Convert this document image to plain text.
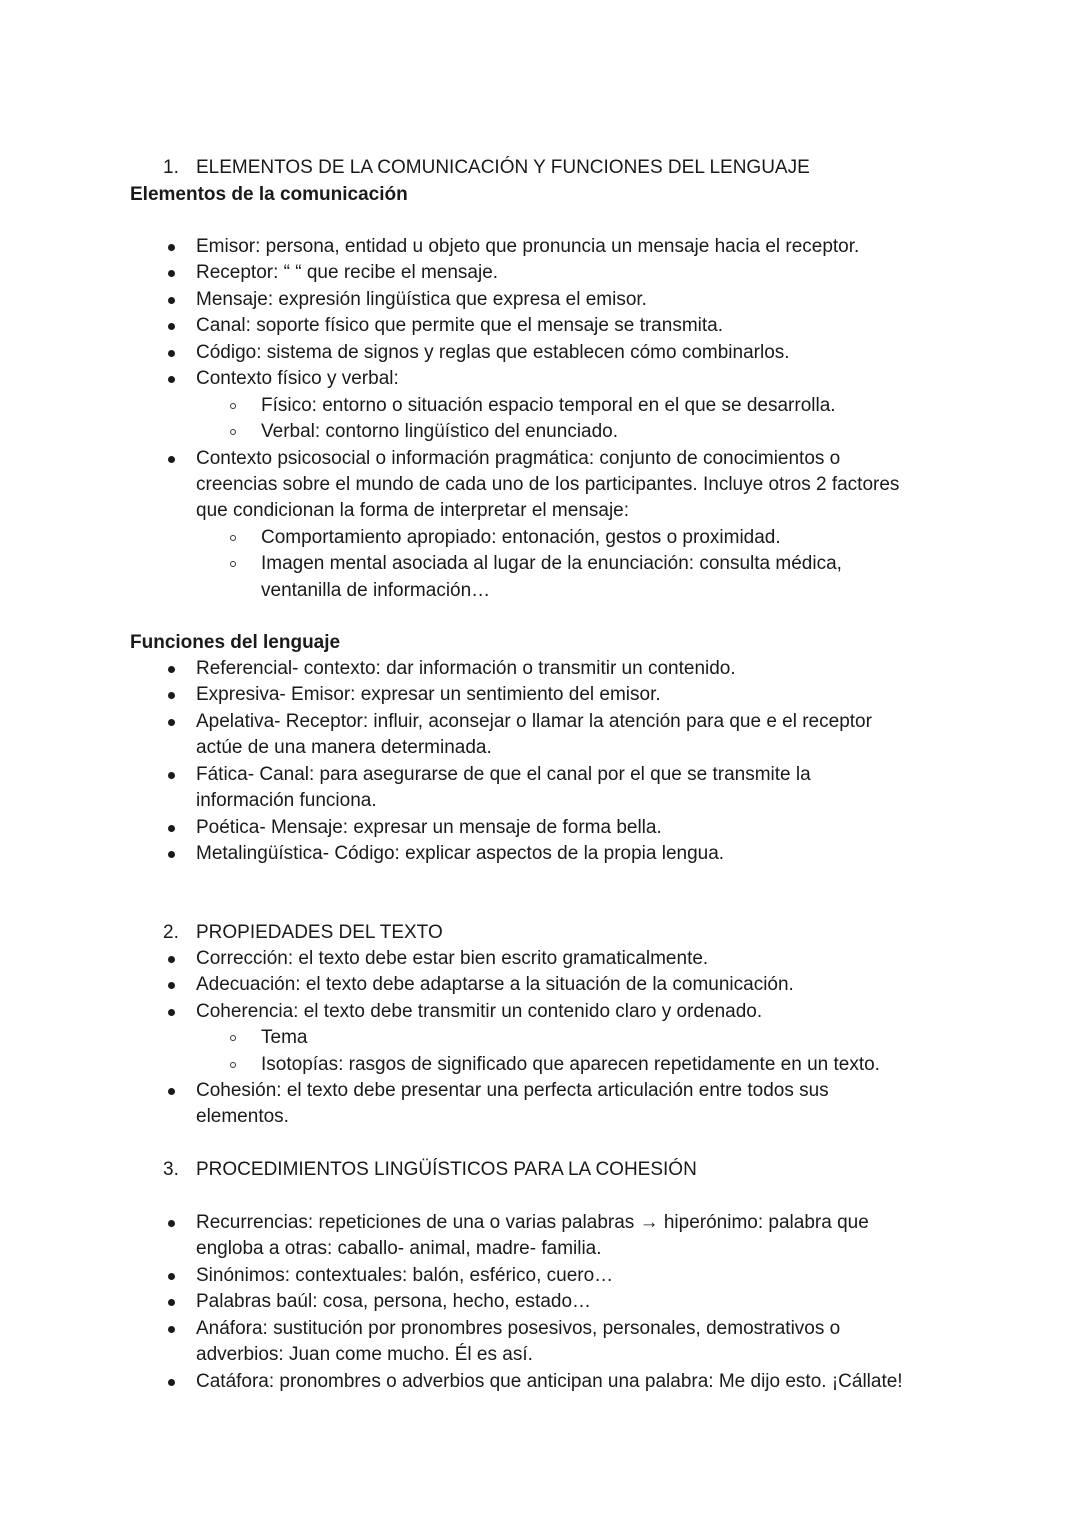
1. ELEMENTOS DE LA COMUNICACIÓN Y FUNCIONES DEL LENGUAJE
Elementos de la comunicación
Emisor: persona, entidad u objeto que pronuncia un mensaje hacia el receptor.
Receptor: “ “ que recibe el mensaje.
Mensaje: expresión lingüística que expresa el emisor.
Canal: soporte físico que permite que el mensaje se transmita.
Código: sistema de signos y reglas que establecen cómo combinarlos.
Contexto físico y verbal:
Físico: entorno o situación espacio temporal en el que se desarrolla.
Verbal: contorno lingüístico del enunciado.
Contexto psicosocial o información pragmática: conjunto de conocimientos o
creencias sobre el mundo de cada uno de los participantes. Incluye otros 2 factores
que condicionan la forma de interpretar el mensaje:
Comportamiento apropiado: entonación, gestos o proximidad.
Imagen mental asociada al lugar de la enunciación: consulta médica,
ventanilla de información…
Funciones del lenguaje
Referencial- contexto: dar información o transmitir un contenido.
Expresiva- Emisor: expresar un sentimiento del emisor.
Apelativa- Receptor: influir, aconsejar o llamar la atención para que e el receptor
actúe de una manera determinada.
Fática- Canal: para asegurarse de que el canal por el que se transmite la
información funciona.
Poética- Mensaje: expresar un mensaje de forma bella.
Metalingüística- Código: explicar aspectos de la propia lengua.
2. PROPIEDADES DEL TEXTO
Corrección: el texto debe estar bien escrito gramaticalmente.
Adecuación: el texto debe adaptarse a la situación de la comunicación.
Coherencia: el texto debe transmitir un contenido claro y ordenado.
Tema
Isotopías: rasgos de significado que aparecen repetidamente en un texto.
Cohesión: el texto debe presentar una perfecta articulación entre todos sus
elementos.
3. PROCEDIMIENTOS LINGÜÍSTICOS PARA LA COHESIÓN
Recurrencias: repeticiones de una o varias palabras → hiperónimo: palabra que
engloba a otras: caballo- animal, madre- familia.
Sinónimos: contextuales: balón, esférico, cuero…
Palabras baúl: cosa, persona, hecho, estado…
Anáfora: sustitución por pronombres posesivos, personales, demostrativos o
adverbios: Juan come mucho. Él es así.
Catáfora: pronombres o adverbios que anticipan una palabra: Me dijo esto. ¡Cállate!
